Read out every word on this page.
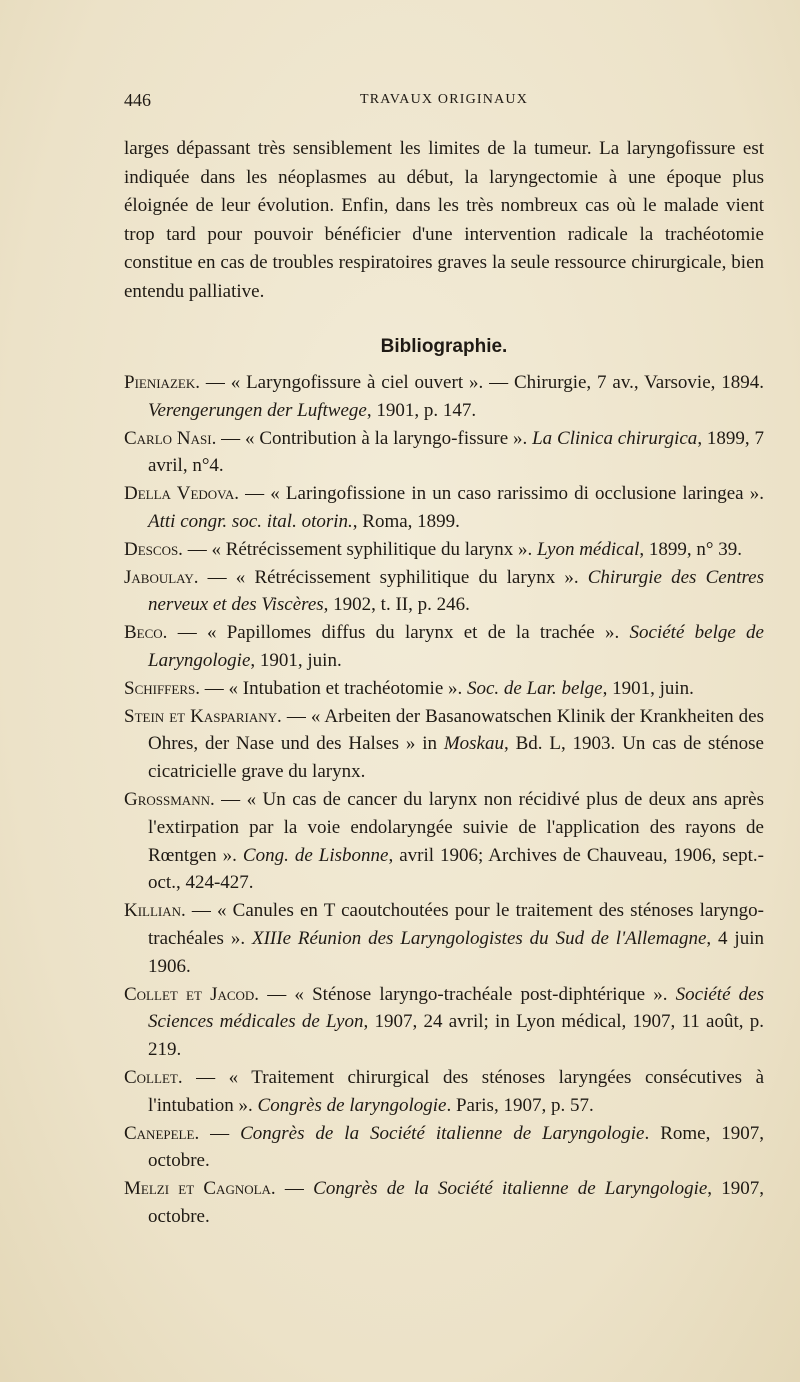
446	TRAVAUX ORIGINAUX

larges dépassant très sensiblement les limites de la tumeur. La laryngofissure est indiquée dans les néoplasmes au début, la laryngectomie à une époque plus éloignée de leur évolution. Enfin, dans les très nombreux cas où le malade vient trop tard pour pouvoir bénéficier d'une intervention radicale la trachéotomie constitue en cas de troubles respiratoires graves la seule ressource chirurgicale, bien entendu palliative.

Bibliographie.
Pieniazek. — « Laryngofissure à ciel ouvert ». — Chirurgie, 7 av., Varsovie, 1894. Verengerungen der Luftwege, 1901, p. 147.
Carlo Nasi. — « Contribution à la laryngo-fissure ». La Clinica chirurgica, 1899, 7 avril, n°4.
Della Vedova. — « Laringofissione in un caso rarissimo di occlusione laringea ». Atti congr. soc. ital. otorin., Roma, 1899.
Descos. — « Rétrécissement syphilitique du larynx ». Lyon médical, 1899, n° 39.
Jaboulay. — « Rétrécissement syphilitique du larynx ». Chirurgie des Centres nerveux et des Viscères, 1902, t. II, p. 246.
Beco. — « Papillomes diffus du larynx et de la trachée ». Société belge de Laryngologie, 1901, juin.
Schiffers. — « Intubation et trachéotomie ». Soc. de Lar. belge, 1901, juin.
Stein et Kaspariany. — « Arbeiten der Basanowatschen Klinik der Krankheiten des Ohres, der Nase und des Halses » in Moskau, Bd. L, 1903. Un cas de sténose cicatricielle grave du larynx.
Grossmann. — « Un cas de cancer du larynx non récidivé plus de deux ans après l'extirpation par la voie endolaryngée suivie de l'application des rayons de Rœntgen ». Cong. de Lisbonne, avril 1906; Archives de Chauveau, 1906, sept.-oct., 424-427.
Killian. — « Canules en T caoutchoutées pour le traitement des sténoses laryngo-trachéales ». XIIIe Réunion des Laryngologistes du Sud de l'Allemagne, 4 juin 1906.
Collet et Jacod. — « Sténose laryngo-trachéale post-diphtérique ». Société des Sciences médicales de Lyon, 1907, 24 avril; in Lyon médical, 1907, 11 août, p. 219.
Collet. — « Traitement chirurgical des sténoses laryngées consécutives à l'intubation ». Congrès de laryngologie. Paris, 1907, p. 57.
Canepele. — Congrès de la Société italienne de Laryngologie. Rome, 1907, octobre.
Melzi et Cagnola. — Congrès de la Société italienne de Laryngologie, 1907, octobre.
